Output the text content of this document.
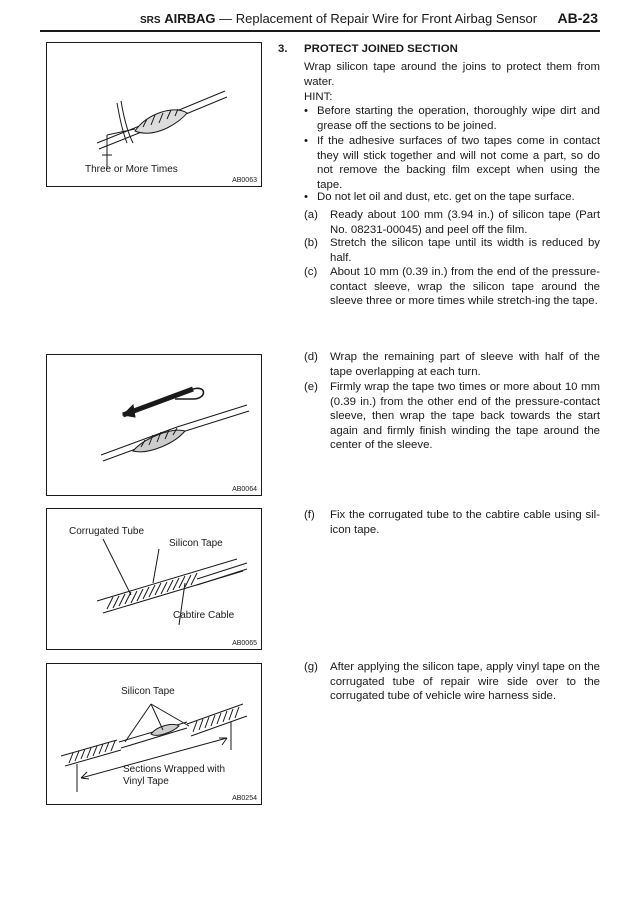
SRS AIRBAG — Replacement of Repair Wire for Front Airbag Sensor AB-23
Three or More Times
AB0063
AB0064
Corrugated Tube
Silicon Tape
Cabtire Cable
AB0065
Silicon Tape
Sections Wrapped with Vinyl Tape
AB0254
3. PROTECT JOINED SECTION
Wrap silicon tape around the joins to protect them from water.
HINT:
• Before starting the operation, thoroughly wipe dirt and grease off the sections to be joined.
• If the adhesive surfaces of two tapes come in contact they will stick together and will not come a part, so do not remove the backing film except when using the tape.
• Do not let oil and dust, etc. get on the tape surface.
(a) Ready about 100 mm (3.94 in.) of silicon tape (Part No. 08231-00045) and peel off the film.
(b) Stretch the silicon tape until its width is reduced by half.
(c) About 10 mm (0.39 in.) from the end of the pressure-contact sleeve, wrap the silicon tape around the sleeve three or more times while stretch-ing the tape.
(d) Wrap the remaining part of sleeve with half of the tape overlapping at each turn.
(e) Firmly wrap the tape two times or more about 10 mm (0.39 in.) from the other end of the pressure-contact sleeve, then wrap the tape back towards the start again and firmly finish winding the tape around the center of the sleeve.
(f) Fix the corrugated tube to the cabtire cable using sil-icon tape.
(g) After applying the silicon tape, apply vinyl tape on the corrugated tube of repair wire side over to the corrugated tube of vehicle wire harness side.
